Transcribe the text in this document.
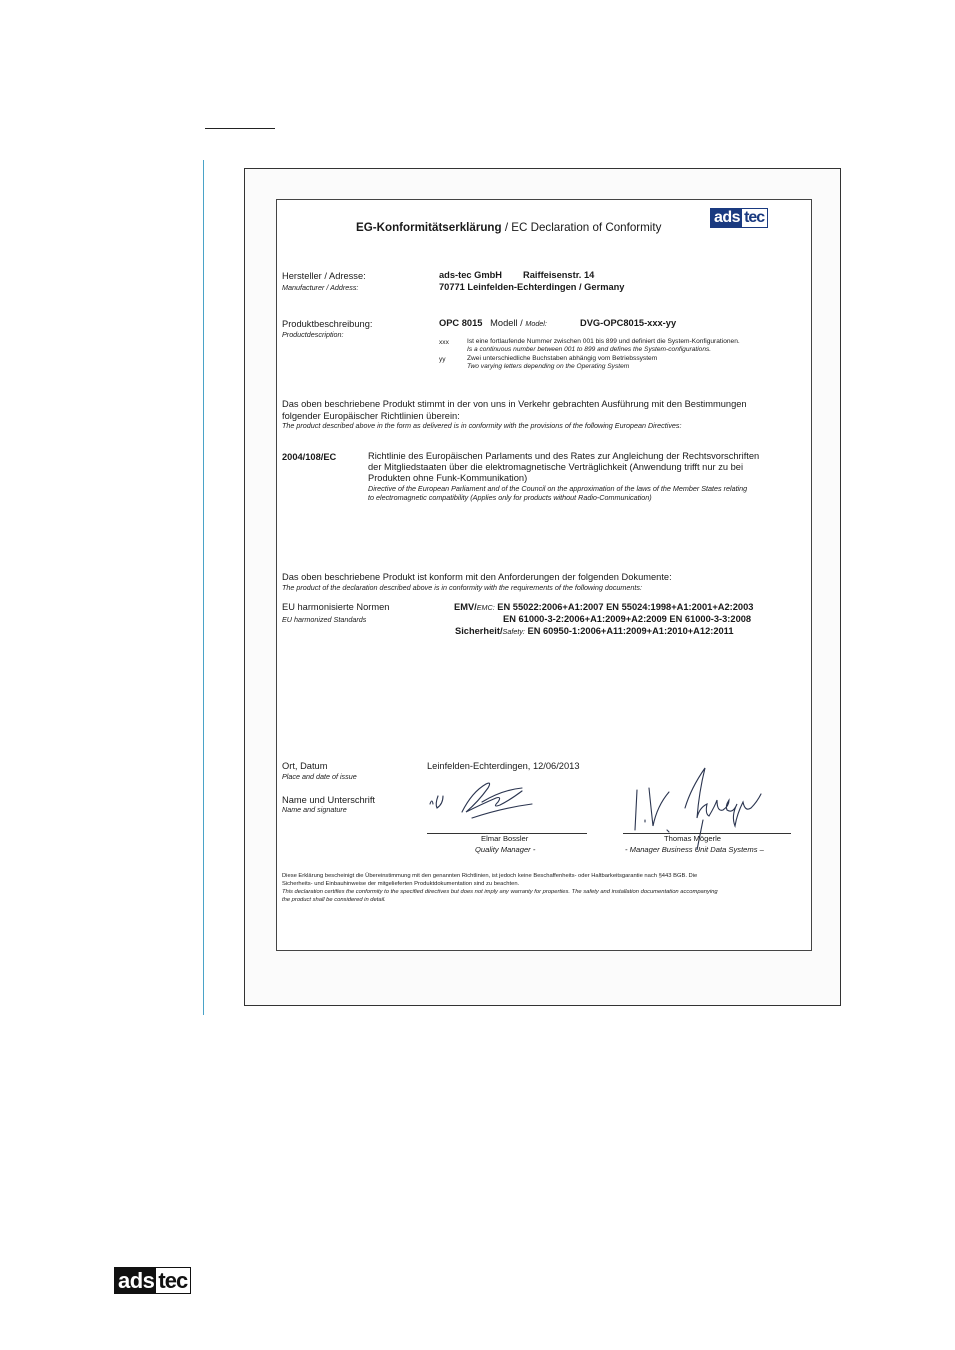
EG-Konformitätserklärung / EC Declaration of Conformity
ads tec
Hersteller / Adresse:
Manufacturer / Address:
ads-tec GmbH Raiffeisenstr. 14
70771 Leinfelden-Echterdingen / Germany
Produktbeschreibung:
Productdescription:
OPC 8015 Modell / Model:	DVG-OPC8015-xxx-yy
xxx	Ist eine fortlaufende Nummer zwischen 001 bis 899 und definiert die System-Konfigurationen.
Is a continuous number between 001 to 899 and defines the System-configurations.
yy	Zwei unterschiedliche Buchstaben abhängig vom Betriebssystem
Two varying letters depending on the Operating System
Das oben beschriebene Produkt stimmt in der von uns in Verkehr gebrachten Ausführung mit den Bestimmungen
folgender Europäischer Richtlinien überein:
The product described above in the form as delivered is in conformity with the provisions of the following European Directives:
2004/108/EC	Richtlinie des Europäischen Parlaments und des Rates zur Angleichung der Rechtsvorschriften
der Mitgliedstaaten über die elektromagnetische Verträglichkeit (Anwendung trifft nur zu bei
Produkten ohne Funk-Kommunikation)
Directive of the European Parliament and of the Council on the approximation of the laws of the Member States relating
to electromagnetic compatibility (Applies only for products without Radio-Communication)
Das oben beschriebene Produkt ist konform mit den Anforderungen der folgenden Dokumente:
The product of the declaration described above is in conformity with the requirements of the following documents:
EU harmonisierte Normen
EU harmonized Standards
EMV/EMC: EN 55022:2006+A1:2007 EN 55024:1998+A1:2001+A2:2003
EN 61000-3-2:2006+A1:2009+A2:2009 EN 61000-3-3:2008
Sicherheit/Safety: EN 60950-1:2006+A11:2009+A1:2010+A12:2011
Ort, Datum
Place and date of issue
Leinfelden-Echterdingen, 12/06/2013
Name und Unterschrift
Name and signature
Elmar Bossler
Quality Manager -
Thomas Mögerle
- Manager Business Unit Data Systems –
Diese Erklärung bescheinigt die Übereinstimmung mit den genannten Richtlinien, ist jedoch keine Beschaffenheits- oder Haltbarkeitsgarantie nach §443 BGB. Die
Sicherheits- und Einbauhinweise der mitgelieferten Produktdokumentation sind zu beachten.
This declaration certifies the conformity to the specified directives but does not imply any warranty for properties. The safety and installation documentation accompanying
the product shall be considered in detail.
ads tec
